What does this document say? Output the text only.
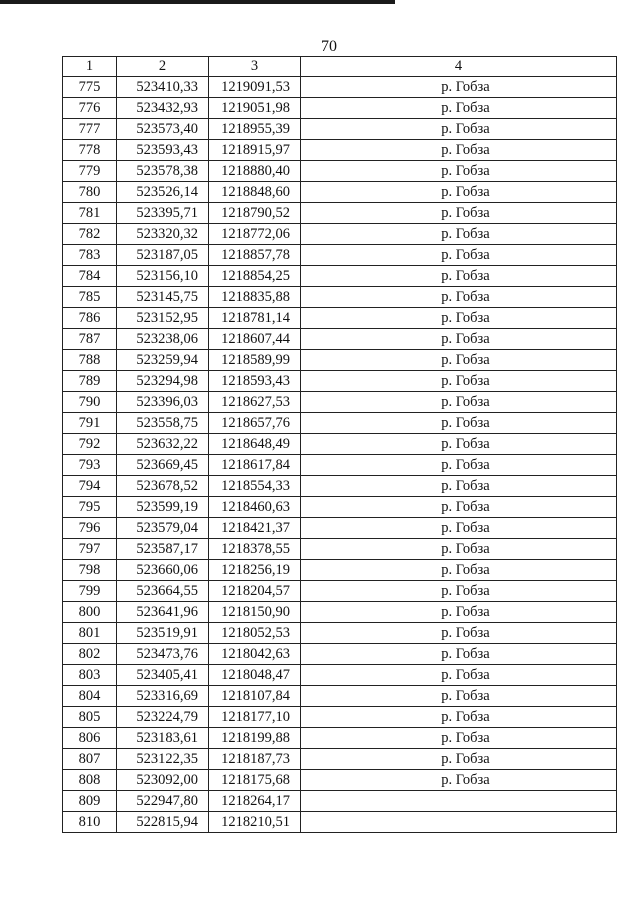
70
1	2	3	4
775	523410,33	1219091,53	р. Гобза
776	523432,93	1219051,98	р. Гобза
777	523573,40	1218955,39	р. Гобза
778	523593,43	1218915,97	р. Гобза
779	523578,38	1218880,40	р. Гобза
780	523526,14	1218848,60	р. Гобза
781	523395,71	1218790,52	р. Гобза
782	523320,32	1218772,06	р. Гобза
783	523187,05	1218857,78	р. Гобза
784	523156,10	1218854,25	р. Гобза
785	523145,75	1218835,88	р. Гобза
786	523152,95	1218781,14	р. Гобза
787	523238,06	1218607,44	р. Гобза
788	523259,94	1218589,99	р. Гобза
789	523294,98	1218593,43	р. Гобза
790	523396,03	1218627,53	р. Гобза
791	523558,75	1218657,76	р. Гобза
792	523632,22	1218648,49	р. Гобза
793	523669,45	1218617,84	р. Гобза
794	523678,52	1218554,33	р. Гобза
795	523599,19	1218460,63	р. Гобза
796	523579,04	1218421,37	р. Гобза
797	523587,17	1218378,55	р. Гобза
798	523660,06	1218256,19	р. Гобза
799	523664,55	1218204,57	р. Гобза
800	523641,96	1218150,90	р. Гобза
801	523519,91	1218052,53	р. Гобза
802	523473,76	1218042,63	р. Гобза
803	523405,41	1218048,47	р. Гобза
804	523316,69	1218107,84	р. Гобза
805	523224,79	1218177,10	р. Гобза
806	523183,61	1218199,88	р. Гобза
807	523122,35	1218187,73	р. Гобза
808	523092,00	1218175,68	р. Гобза
809	522947,80	1218264,17	
810	522815,94	1218210,51	
